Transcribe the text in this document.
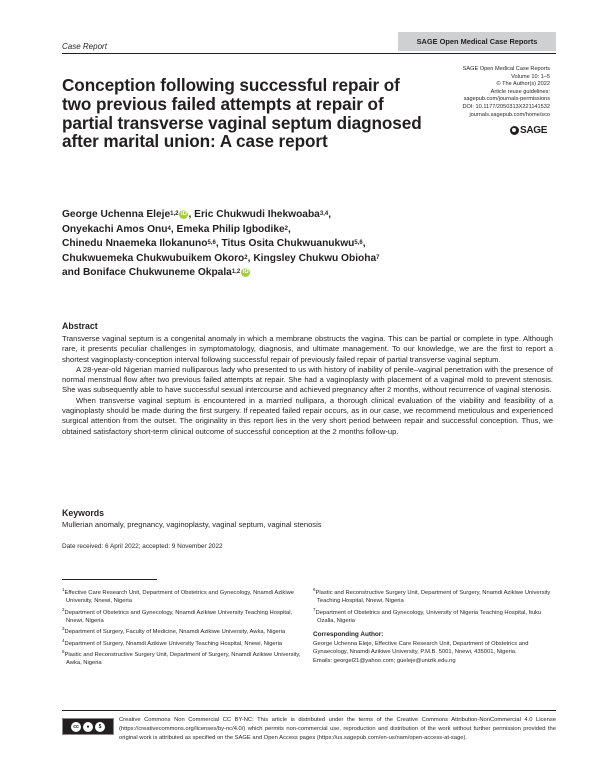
Case Report
SAGE Open Medical Case Reports
Conception following successful repair of two previous failed attempts at repair of partial transverse vaginal septum diagnosed after marital union: A case report
SAGE Open Medical Case Reports
Volume 10: 1–5
© The Author(s) 2022
Article reuse guidelines:
sagepub.com/journals-permissions
DOI: 10.1177/2050313X221141532
journals.sagepub.com/home/sco
SAGE
George Uchenna Eleje$^{1,2}$ iD , Eric Chukwudi Ihekwoaba$^{3,4}$,
Onyekachi Amos Onu$^4$, Emeka Philip Igbodike$^2$,
Chinedu Nnaemeka Ilokanuno$^{5,6}$, Titus Osita Chukwuanukwu$^{5,6}$,
Chukwuemeka Chukwubuikem Okoro$^2$, Kingsley Chukwu Obioha$^7$
and Boniface Chukwuneme Okpala$^{1,2}$ iD
Abstract

Transverse vaginal septum is a congenital anomaly in which a membrane obstructs the vagina. This can be partial or complete in type. Although rare, it presents peculiar challenges in symptomatology, diagnosis, and ultimate management. To our knowledge, we are the first to report a shortest vaginoplasty-conception interval following successful repair of previously failed repair of partial transverse vaginal septum.

A 28-year-old Nigerian married nulliparous lady who presented to us with history of inability of penile–vaginal penetration with the presence of normal menstrual flow after two previous failed attempts at repair. She had a vaginoplasty with placement of a vaginal mold to prevent stenosis. She was subsequently able to have successful sexual intercourse and achieved pregnancy after 2 months, without recurrence of vaginal stenosis.

When transverse vaginal septum is encountered in a married nullipara, a thorough clinical evaluation of the viability and feasibility of a vaginoplasty should be made during the first surgery. If repeated failed repair occurs, as in our case, we recommend meticulous and experienced surgical attention from the outset. The originality in this report lies in the very short period between repair and successful conception. Thus, we obtained satisfactory short-term clinical outcome of successful conception at the 2 months follow-up.

Keywords
Mullerian anomaly, pregnancy, vaginoplasty, vaginal septum, vaginal stenosis
Date received: 6 April 2022; accepted: 9 November 2022
$^1$Effective Care Research Unit, Department of Obstetrics and Gynecology, Nnamdi Azikiwe University, Nnewi, Nigeria
$^2$Department of Obstetrics and Gynecology, Nnamdi Azikiwe University Teaching Hospital, Nnewi, Nigeria
$^3$Department of Surgery, Faculty of Medicine, Nnamdi Azikiwe University, Awka, Nigeria
$^4$Department of Surgery, Nnamdi Azikiwe University Teaching Hospital, Nnewi, Nigeria
$^5$Plastic and Reconstructive Surgery Unit, Department of Surgery, Nnamdi Azikiwe University, Awka, Nigeria
$^6$Plastic and Reconstructive Surgery Unit, Department of Surgery, Nnamdi Azikiwe University Teaching Hospital, Nnewi, Nigeria
$^7$Department of Obstetrics and Gynecology, University of Nigeria Teaching Hospital, Ituku Ozalla, Nigeria
Corresponding Author:
George Uchenna Eleje, Effective Care Research Unit, Department of Obstetrics and Gynaecology, Nnamdi Azikiwe University, P.M.B. 5001, Nnewi, 435001, Nigeria.
Emails: georgel21@yahoo.com; gueleje@unizik.edu.ng
cc	●	$
Creative Commons Non Commercial CC BY-NC: This article is distributed under the terms of the Creative Commons Attribution-NonCommercial 4.0 License (https://creativecommons.org/licenses/by-nc/4.0/) which permits non-commercial use, reproduction and distribution of the work without further permission provided the original work is attributed as specified on the SAGE and Open Access pages (https://us.sagepub.com/en-us/nam/open-access-at-sage).
